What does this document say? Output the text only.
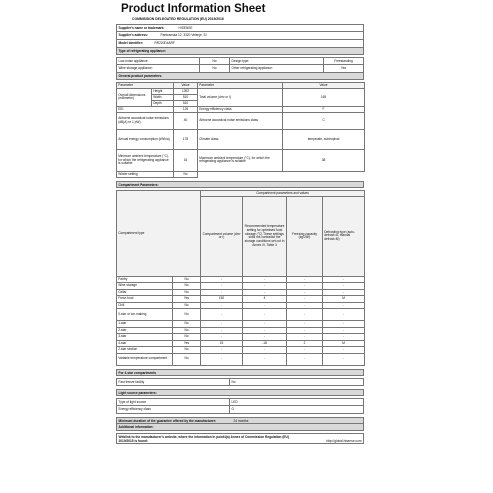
Product Information Sheet
COMMISSION DELEGATED REGULATION (EU) 2019/2016
Supplier's name or trademark:	HISENSE
Supplier's address:	Partizanska 12, 3320 Velenje, SI
Model identifier:	RR220D4ARF
Type of refrigerating appliance:
Low-noise appliance:	No	Design type:	Freestanding
Wine storage appliance:	No	Other refrigerating appliance:	Yes
General product parameters:
Parameter		Value	Parameter	Value
Overall dimensions (millimetre)	Height	1392	Total volume (dm³ or l)	165
	Width	510		
	Depth	510		
EEI		125	Energy efficiency class	F
Airborne acoustical noise emissions (dB(A) re 1 pW)		40	Airborne acoustical noise emissions class	C
Annual energy consumption (kWh/a)		178	Climate class:	temperate, subtropical
Minimum ambient temperature (°C), for which the refrigerating appliance is suitable		16	Maximum ambient temperature (°C), for which the refrigerating appliance is suitable	38
Winter setting		No		
Compartment Parameters:
Compartment type		Compartment parameters and values			
		Compartment volume (dm³ or l)	Recommended temperature setting for optimised food storage (°C) These settings shall not contradict the storage conditions set out in Annex IV, Table 3	Freezing capacity (kg/24h)	Defrosting type (auto-defrost=A, manual defrost=M)
Pantry	No	-	-	-	-
Wine storage	No	-	-	-	-
Cellar	No	-	-	-	-
Fresh food	Yes	150	4	-	M
Chill	No	-	-	-	-
0-star or ice-making	No	-	-	-	-
1-star	No	-	-	-	-
2-star	No	-	-	-	-
3-star	No	-	-	-	-
4-star	Yes	15	-18	2	M
2-star section	No	-	-	-	-
Variable temperature compartment	No	-	-	-	-
For 4-star compartments
Fast freeze facility	No
Light source parameters:
Type of light source	LED
Energy efficiency class	G
Minimum duration of the guarantee offered by the manufacturer:	24 months
Additional information:
Weblink to the manufacturer's website, where the information in point4(a) Annex of Commission Regulation (EU) 2019/2015 is found:	http://global.hisense.com
